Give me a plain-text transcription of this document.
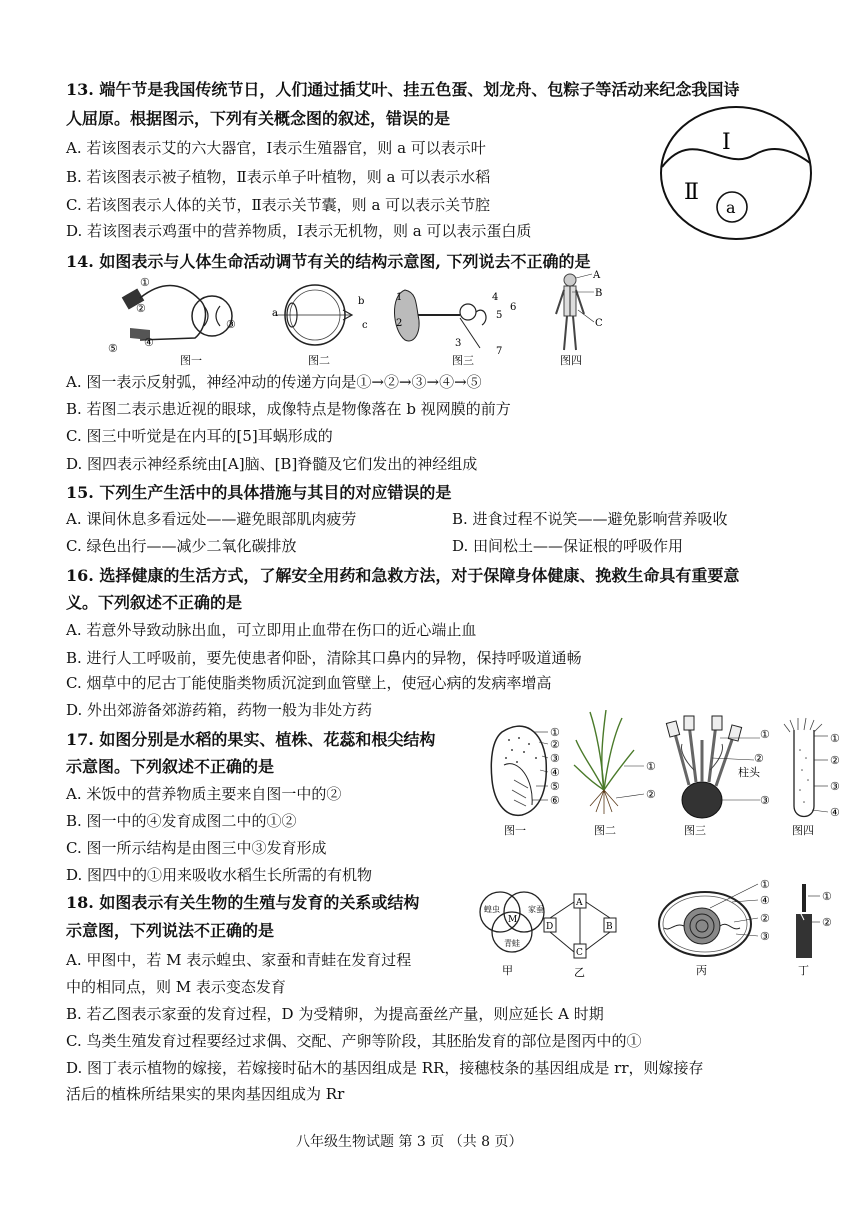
13. 端午节是我国传统节日，人们通过插艾叶、挂五色蛋、划龙舟、包粽子等活动来纪念我国诗
人屈原。根据图示，下列有关概念图的叙述，错误的是
A. 若该图表示艾的六大器官，Ⅰ表示生殖器官，则 a 可以表示叶
B. 若该图表示被子植物，Ⅱ表示单子叶植物，则 a 可以表示水稻
C. 若该图表示人体的关节，Ⅱ表示关节囊，则 a 可以表示关节腔
D. 若该图表示鸡蛋中的营养物质，Ⅰ表示无机物，则 a 可以表示蛋白质
Ⅰ
Ⅱ
a
14. 如图表示与人体生命活动调节有关的结构示意图, 下列说去不正确的是
①
②
③
④
⑤
图一
a
b
c
图二
1
2
3
4
5
6
7
图三
A
B
C
图四
A. 图一表示反射弧，神经冲动的传递方向是①→②→③→④→⑤
B. 若图二表示患近视的眼球，成像特点是物像落在 b 视网膜的前方
C. 图三中听觉是在内耳的[5]耳蜗形成的
D. 图四表示神经系统由[A]脑、[B]脊髓及它们发出的神经组成
15. 下列生产生活中的具体措施与其目的对应错误的是
A. 课间休息多看远处——避免眼部肌肉疲劳	B. 进食过程不说笑——避免影响营养吸收
C. 绿色出行——减少二氧化碳排放	D. 田间松土——保证根的呼吸作用
16. 选择健康的生活方式，了解安全用药和急救方法，对于保障身体健康、挽救生命具有重要意
义。下列叙述不正确的是
A. 若意外导致动脉出血，可立即用止血带在伤口的近心端止血
B. 进行人工呼吸前，要先使患者仰卧，清除其口鼻内的异物，保持呼吸道通畅
C. 烟草中的尼古丁能使脂类物质沉淀到血管壁上，使冠心病的发病率增高
D. 外出郊游备郊游药箱，药物一般为非处方药
17. 如图分别是水稻的果实、植株、花蕊和根尖结构
示意图。下列叙述不正确的是
A. 米饭中的营养物质主要来自图一中的②
B. 图一中的④发育成图二中的①②
C. 图一所示结构是由图三中③发育形成
D. 图四中的①用来吸收水稻生长所需的有机物
①
②
③
④
⑤
⑥
图一
①
②
图二
①
②
柱头
③
图三
①
②
③
④
图四
18. 如图表示有关生物的生殖与发育的关系或结构
示意图，下列说法不正确的是
A. 甲图中，若 M 表示蝗虫、家蚕和青蛙在发育过程
中的相同点，则 M 表示变态发育
B. 若乙图表示家蚕的发育过程，D 为受精卵，为提高蚕丝产量，则应延长 A 时期
C. 鸟类生殖发育过程要经过求偶、交配、产卵等阶段，其胚胎发育的部位是图丙中的①
D. 图丁表示植物的嫁接，若嫁接时砧木的基因组成是 RR，接穗枝条的基因组成是 rr，则嫁接存
活后的植株所结果实的果肉基因组成为 Rr
蝗虫	家蚕
青蛙
M
甲
A
B
C
D
乙
①
④
②
③
丙
①
②
丁
八年级生物试题 第 3 页 （共 8 页）
